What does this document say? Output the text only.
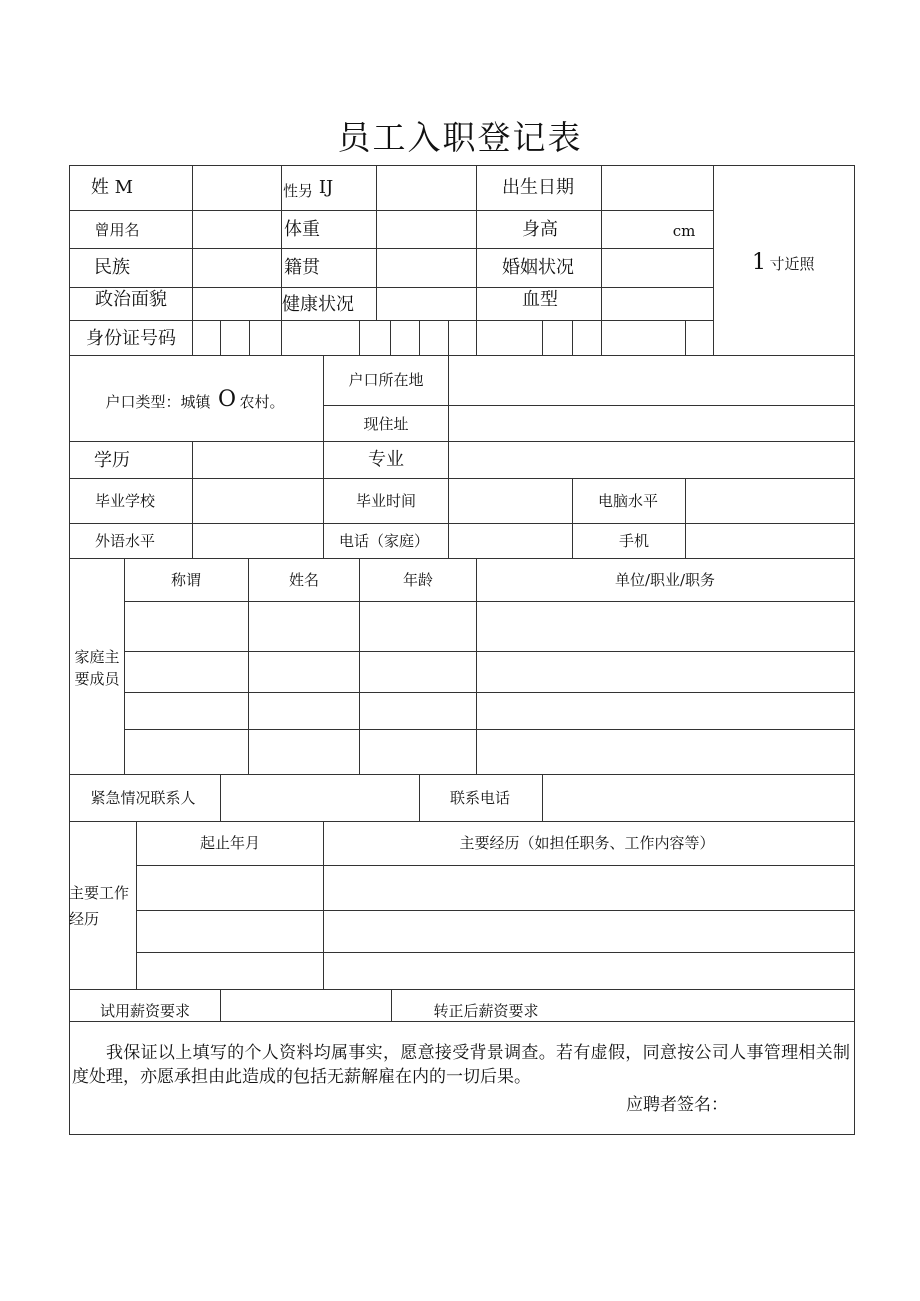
员工入职登记表
姓 M	性另 IJ	出生日期
曾用名	体重	身高	cm
民族	籍贯	婚姻状况
政治面貌	健康状况	血型
身份证号码
1 寸近照
户口类型：城镇 O 农村。
户口所在地
现住址
学历	专业
毕业学校	毕业时间	电脑水平
外语水平	电话（家庭）	手机
家庭主要成员
称谓	姓名	年龄	单位/职业/职务
紧急情况联系人	联系电话
主要工作经历
起止年月	主要经历（如担任职务、工作内容等）
试用薪资要求	转正后薪资要求
我保证以上填写的个人资料均属事实，愿意接受背景调查。若有虚假，同意按公司人事管理相关制度处理，亦愿承担由此造成的包括无薪解雇在内的一切后果。
应聘者签名：
